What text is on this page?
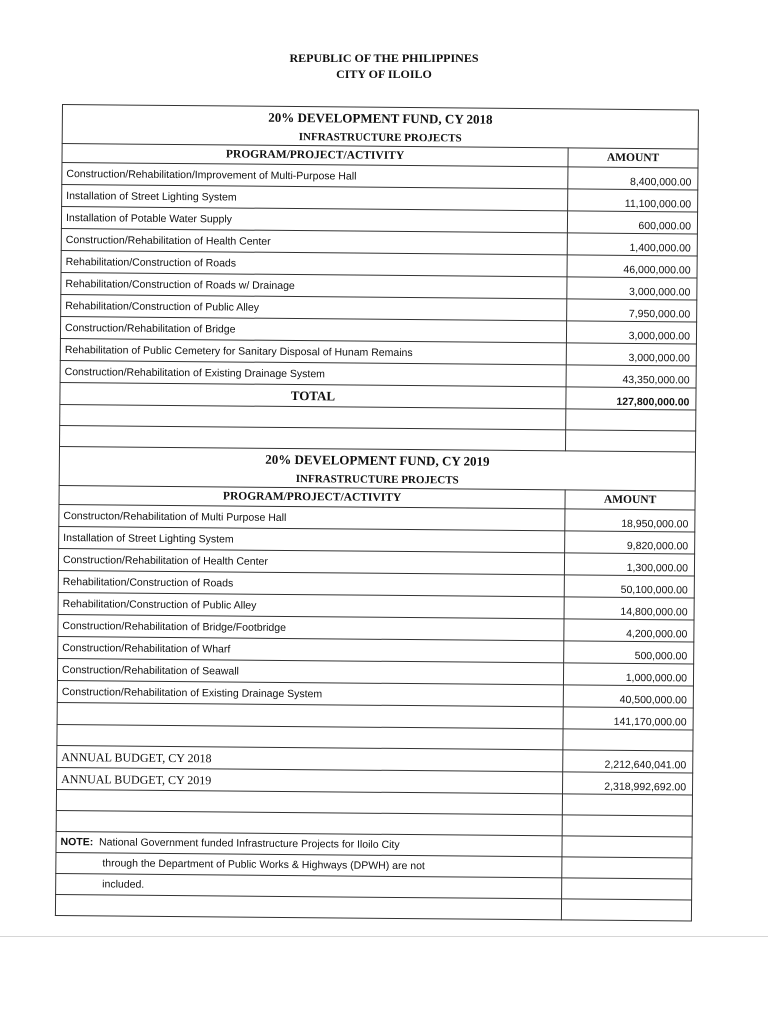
REPUBLIC OF THE PHILIPPINES
CITY OF ILOILO
20% DEVELOPMENT FUND, CY 2018	
INFRASTRUCTURE PROJECTS	
PROGRAM/PROJECT/ACTIVITY	AMOUNT
Construction/Rehabilitation/Improvement of Multi-Purpose Hall	8,400,000.00
Installation of Street Lighting System	11,100,000.00
Installation of Potable Water Supply	600,000.00
Construction/Rehabilitation of Health Center	1,400,000.00
Rehabilitation/Construction of Roads	46,000,000.00
Rehabilitation/Construction of Roads w/ Drainage	3,000,000.00
Rehabilitation/Construction of Public Alley	7,950,000.00
Construction/Rehabilitation of Bridge	3,000,000.00
Rehabilitation of Public Cemetery for Sanitary Disposal of Hunam Remains	3,000,000.00
Construction/Rehabilitation of Existing Drainage System	43,350,000.00
TOTAL	127,800,000.00

20% DEVELOPMENT FUND, CY 2019	
INFRASTRUCTURE PROJECTS	
PROGRAM/PROJECT/ACTIVITY	AMOUNT
Constructon/Rehabilitation of Multi Purpose Hall	18,950,000.00
Installation of Street Lighting System	9,820,000.00
Construction/Rehabilitation of Health Center	1,300,000.00
Rehabilitation/Construction of Roads	50,100,000.00
Rehabilitation/Construction of Public Alley	14,800,000.00
Construction/Rehabilitation of Bridge/Footbridge	4,200,000.00
Construction/Rehabilitation of Wharf	500,000.00
Construction/Rehabilitation of Seawall	1,000,000.00
Construction/Rehabilitation of Existing Drainage System	40,500,000.00
	141,170,000.00

ANNUAL BUDGET, CY 2018	2,212,640,041.00
ANNUAL BUDGET, CY 2019	2,318,992,692.00

NOTE: National Government funded Infrastructure Projects for Iloilo City	
through the Department of Public Works & Highways (DPWH) are not	
included.	
